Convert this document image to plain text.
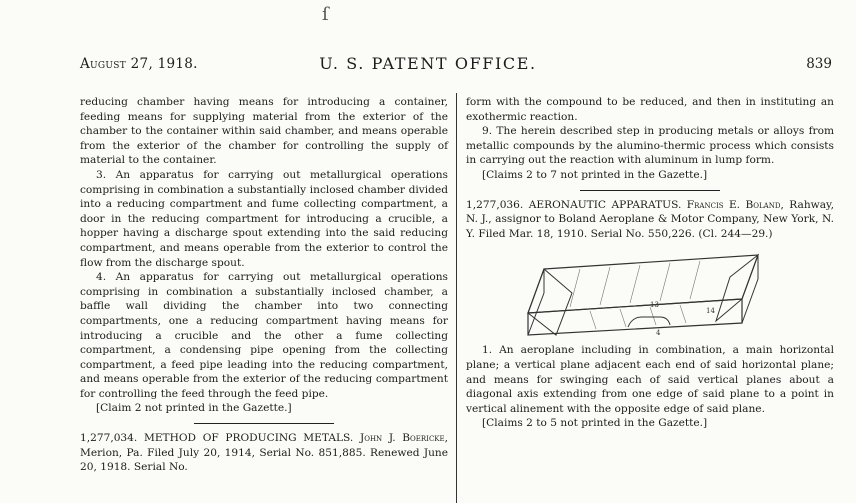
ſ
August 27, 1918.	U. S. PATENT OFFICE.	839

reducing chamber having means for introducing a container, feeding means for supplying material from the exterior of the chamber to the container within said chamber, and means operable from the exterior of the chamber for controlling the supply of material to the container.

3. An apparatus for carrying out metallurgical operations comprising in combination a substantially inclosed chamber divided into a reducing compartment and fume collecting compartment, a door in the reducing compartment for introducing a crucible, a hopper having a discharge spout extending into the said reducing compartment, and means operable from the exterior to control the flow from the discharge spout.

4. An apparatus for carrying out metallurgical operations comprising in combination a substantially inclosed chamber, a baffle wall dividing the chamber into two connecting compartments, one a reducing compartment having means for introducing a crucible and the other a fume collecting compartment, a condensing pipe opening from the collecting compartment, a feed pipe leading into the reducing compartment, and means operable from the exterior of the reducing compartment for controlling the feed through the feed pipe.

[Claim 2 not printed in the Gazette.]

1,277,034. METHOD OF PRODUCING METALS. John J. Boericke, Merion, Pa. Filed July 20, 1914, Serial No. 851,885. Renewed June 20, 1918. Serial No.

form with the compound to be reduced, and then in instituting an exothermic reaction.

9. The herein described step in producing metals or alloys from metallic compounds by the alumino-thermic process which consists in carrying out the reaction with aluminum in lump form.

[Claims 2 to 7 not printed in the Gazette.]

1,277,036. AERONAUTIC APPARATUS. Francis E. Boland, Rahway, N. J., assignor to Boland Aeroplane & Motor Company, New York, N. Y. Filed Mar. 18, 1910. Serial No. 550,226. (Cl. 244—29.)

13
14
4

1. An aeroplane including in combination, a main horizontal plane; a vertical plane adjacent each end of said horizontal plane; and means for swinging each of said vertical planes about a diagonal axis extending from one edge of said plane to a point in vertical alinement with the opposite edge of said plane.

[Claims 2 to 5 not printed in the Gazette.]
